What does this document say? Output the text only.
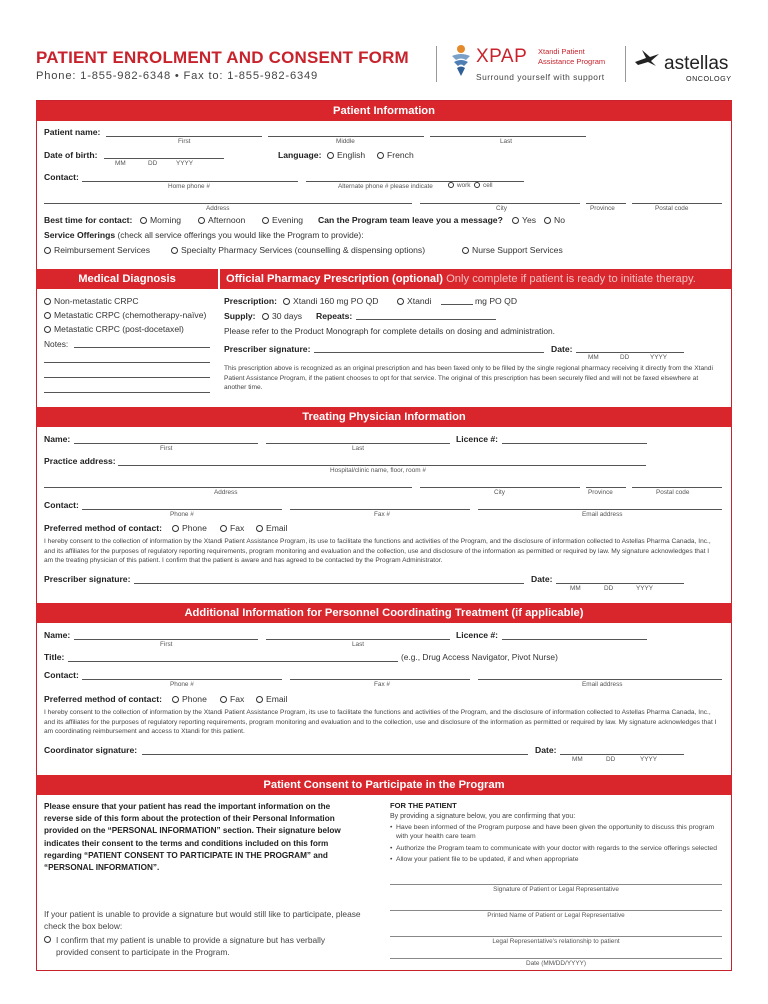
PATIENT ENROLMENT AND CONSENT FORM
Phone: 1-855-982-6348 • Fax to: 1-855-982-6349
XPAP Xtandi Patient
Assistance Program
Surround yourself with support
astellas
ONCOLOGY
Patient Information
Patient name:
First	Middle	Last
Date of birth:
MM	DD	YYYY
Language:	English	French
Contact:
Home phone #	Alternate phone # please indicate	work	cell
Address	City	Province	Postal code
Best time for contact:	Morning	Afternoon	Evening Can the Program team leave you a message?	Yes	No
Service Offerings (check all service offerings you would like the Program to provide):
Reimbursement Services	Specialty Pharmacy Services (counselling & dispensing options)	Nurse Support Services
Medical Diagnosis	Official Pharmacy Prescription (optional) Only complete if patient is ready to initiate therapy.
Non-metastatic CRPC
Metastatic CRPC (chemotherapy-naïve)
Metastatic CRPC (post-docetaxel)
Notes:
Prescription:	Xtandi 160 mg PO QD	Xtandi	mg PO QD
Supply:	30 days Repeats:
Please refer to the Product Monograph for complete details on dosing and administration.
Prescriber signature:	Date:
MM	DD	YYYY
This prescription above is recognized as an original prescription and has been faxed only to be filled by the single regional pharmacy receiving it directly from the Xtandi Patient Assistance Program, if the patient chooses to opt for that service. The original of this prescription has been securely filed and will not be faxed elsewhere at another time.
Treating Physician Information
Name:
First	Last
Licence #:
Practice address:
Hospital/clinic name, floor, room #
Address	City	Province	Postal code
Contact:
Phone #	Fax #	Email address
Preferred method of contact:	Phone	Fax	Email
I hereby consent to the collection of information by the Xtandi Patient Assistance Program, its use to facilitate the functions and activities of the Program, and the disclosure of information collected to Astellas Pharma Canada, Inc., and its affiliates for the purposes of regulatory reporting requirements, program monitoring and evaluation and the collection, use and disclosure of the information as permitted or required by law. My signature acknowledges that I am the treating physician of this patient. I confirm that the patient is aware and has agreed to be contacted by the Program Administrator.
Prescriber signature:	Date:
MM	DD	YYYY
Additional Information for Personnel Coordinating Treatment (if applicable)
Name:
First	Last
Licence #:
Title:	(e.g., Drug Access Navigator, Pivot Nurse)
Contact:
Phone #	Fax #	Email address
Preferred method of contact:	Phone	Fax	Email
I hereby consent to the collection of information by the Xtandi Patient Assistance Program, its use to facilitate the functions and activities of the Program, and the disclosure of information collected to Astellas Pharma Canada, Inc., and its affiliates for the purposes of regulatory reporting requirements, program monitoring and evaluation and to the collection, use and disclosure of the information as permitted or required by law. My signature acknowledges that I am coordinating reimbursement and access to Xtandi for this patient.
Coordinator signature:	Date:
MM	DD	YYYY
Patient Consent to Participate in the Program
Please ensure that your patient has read the important information on the reverse side of this form about the protection of their Personal Information provided on the “PERSONAL INFORMATION” section. Their signature below indicates their consent to the terms and conditions included on this form regarding “PATIENT CONSENT TO PARTICIPATE IN THE PROGRAM” and “PERSONAL INFORMATION”.
If your patient is unable to provide a signature but would still like to participate, please check the box below:
I confirm that my patient is unable to provide a signature but has verbally provided consent to participate in the Program.
FOR THE PATIENT
By providing a signature below, you are confirming that you:
• Have been informed of the Program purpose and have been given the opportunity to discuss this program with your health care team
• Authorize the Program team to communicate with your doctor with regards to the service offerings selected
• Allow your patient file to be updated, if and when appropriate
Signature of Patient or Legal Representative
Printed Name of Patient or Legal Representative
Legal Representative's relationship to patient
Date (MM/DD/YYYY)
